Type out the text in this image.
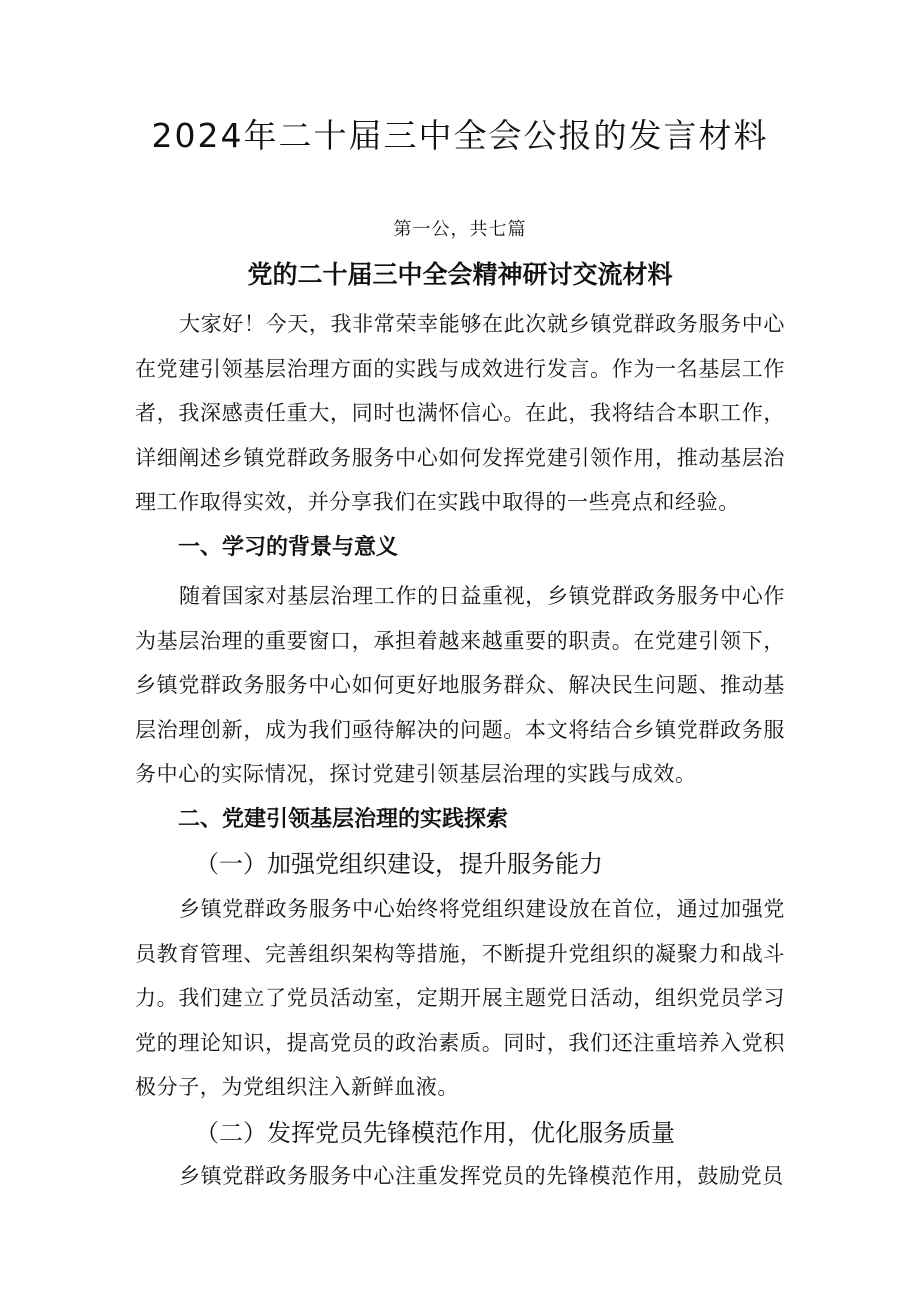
2024年二十届三中全会公报的发言材料
第一公，共七篇
党的二十届三中全会精神研讨交流材料

大家好！今天，我非常荣幸能够在此次就乡镇党群政务服务中心在党建引领基层治理方面的实践与成效进行发言。作为一名基层工作者，我深感责任重大，同时也满怀信心。在此，我将结合本职工作，详细阐述乡镇党群政务服务中心如何发挥党建引领作用，推动基层治理工作取得实效，并分享我们在实践中取得的一些亮点和经验。

一、学习的背景与意义

随着国家对基层治理工作的日益重视，乡镇党群政务服务中心作为基层治理的重要窗口，承担着越来越重要的职责。在党建引领下，乡镇党群政务服务中心如何更好地服务群众、解决民生问题、推动基层治理创新，成为我们亟待解决的问题。本文将结合乡镇党群政务服务中心的实际情况，探讨党建引领基层治理的实践与成效。

二、党建引领基层治理的实践探索
（一）加强党组织建设，提升服务能力

乡镇党群政务服务中心始终将党组织建设放在首位，通过加强党员教育管理、完善组织架构等措施，不断提升党组织的凝聚力和战斗力。我们建立了党员活动室，定期开展主题党日活动，组织党员学习党的理论知识，提高党员的政治素质。同时，我们还注重培养入党积极分子，为党组织注入新鲜血液。

（二）发挥党员先锋模范作用，优化服务质量

乡镇党群政务服务中心注重发挥党员的先锋模范作用，鼓励党员
